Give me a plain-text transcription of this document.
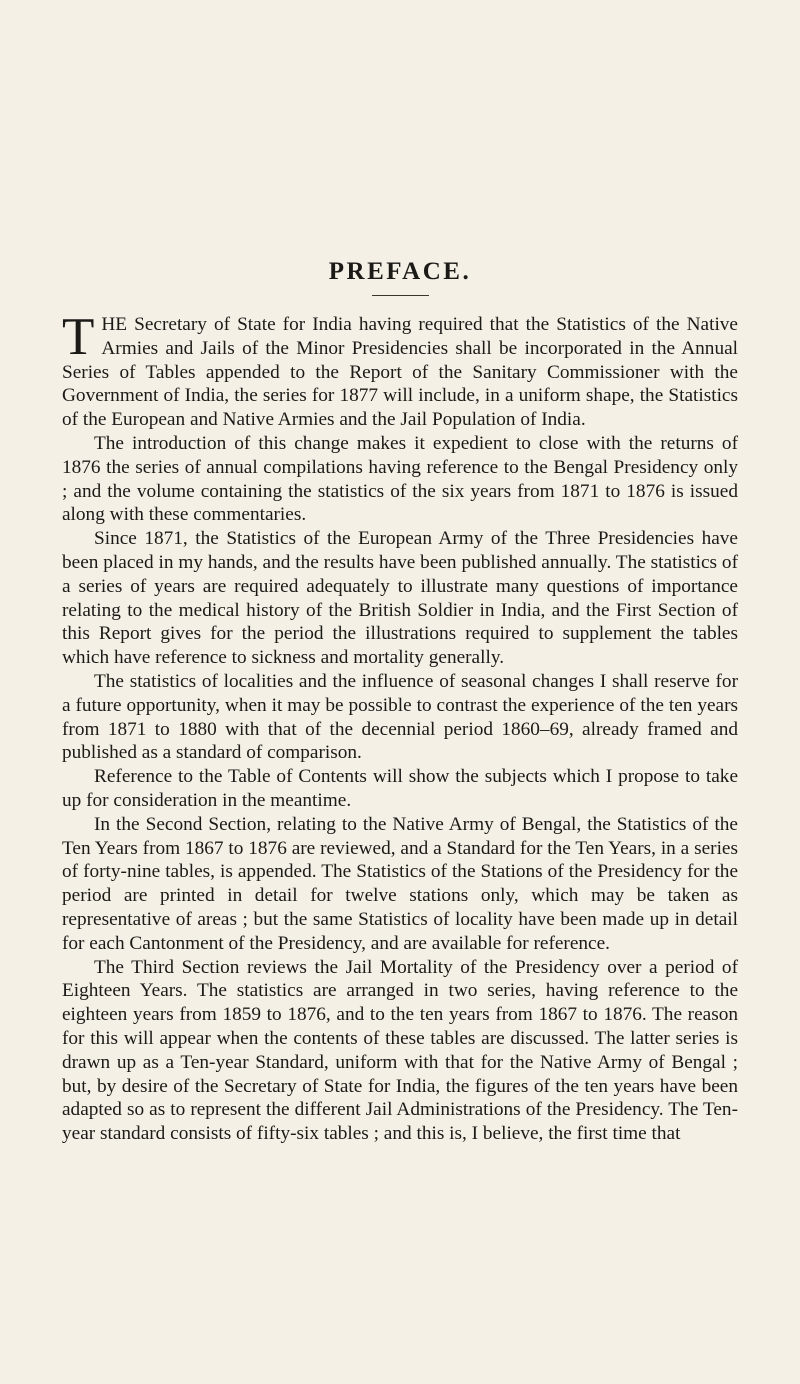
PREFACE.

THE Secretary of State for India having required that the Statistics of the Native Armies and Jails of the Minor Presidencies shall be incorporated in the Annual Series of Tables appended to the Report of the Sanitary Commissioner with the Government of India, the series for 1877 will include, in a uniform shape, the Statistics of the European and Native Armies and the Jail Population of India.

The introduction of this change makes it expedient to close with the returns of 1876 the series of annual compilations having reference to the Bengal Presidency only ; and the volume containing the statistics of the six years from 1871 to 1876 is issued along with these commentaries.

Since 1871, the Statistics of the European Army of the Three Presidencies have been placed in my hands, and the results have been published annually. The statistics of a series of years are required adequately to illustrate many questions of importance relating to the medical history of the British Soldier in India, and the First Section of this Report gives for the period the illustrations required to supplement the tables which have reference to sickness and mortality generally.

The statistics of localities and the influence of seasonal changes I shall reserve for a future opportunity, when it may be possible to contrast the experience of the ten years from 1871 to 1880 with that of the decennial period 1860–69, already framed and published as a standard of comparison.

Reference to the Table of Contents will show the subjects which I propose to take up for consideration in the meantime.

In the Second Section, relating to the Native Army of Bengal, the Statistics of the Ten Years from 1867 to 1876 are reviewed, and a Standard for the Ten Years, in a series of forty-nine tables, is appended. The Statistics of the Stations of the Presidency for the period are printed in detail for twelve stations only, which may be taken as representative of areas ; but the same Statistics of locality have been made up in detail for each Cantonment of the Presidency, and are available for reference.

The Third Section reviews the Jail Mortality of the Presidency over a period of Eighteen Years. The statistics are arranged in two series, having reference to the eighteen years from 1859 to 1876, and to the ten years from 1867 to 1876. The reason for this will appear when the contents of these tables are discussed. The latter series is drawn up as a Ten-year Standard, uniform with that for the Native Army of Bengal ; but, by desire of the Secretary of State for India, the figures of the ten years have been adapted so as to represent the different Jail Administrations of the Presidency. The Ten-year standard consists of fifty-six tables ; and this is, I believe, the first time that
